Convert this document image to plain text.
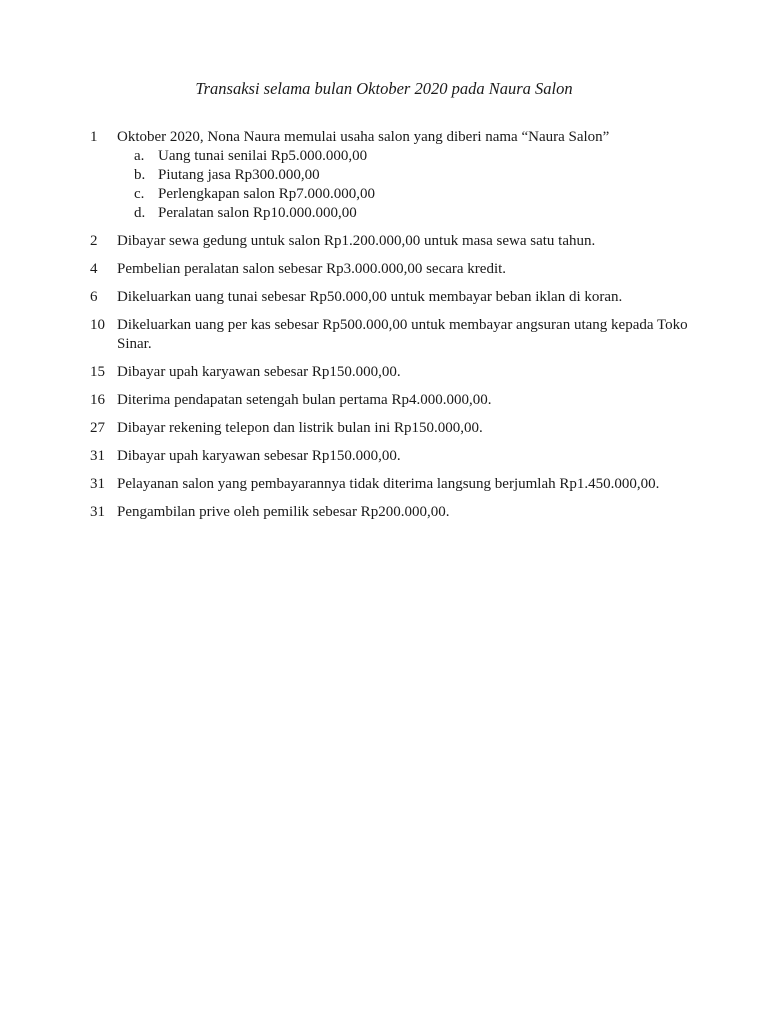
Transaksi selama bulan Oktober 2020 pada Naura Salon
1	Oktober 2020, Nona Naura memulai usaha salon yang diberi nama “Naura Salon”
a. Uang tunai senilai Rp5.000.000,00
b. Piutang jasa Rp300.000,00
c. Perlengkapan salon Rp7.000.000,00
d. Peralatan salon Rp10.000.000,00
2	Dibayar sewa gedung untuk salon Rp1.200.000,00 untuk masa sewa satu tahun.
4	Pembelian peralatan salon sebesar Rp3.000.000,00 secara kredit.
6	Dikeluarkan uang tunai sebesar Rp50.000,00 untuk membayar beban iklan di koran.
10 Dikeluarkan uang per kas sebesar Rp500.000,00 untuk membayar angsuran utang kepada Toko Sinar.
15 Dibayar upah karyawan sebesar Rp150.000,00.
16 Diterima pendapatan setengah bulan pertama Rp4.000.000,00.
27 Dibayar rekening telepon dan listrik bulan ini Rp150.000,00.
31 Dibayar upah karyawan sebesar Rp150.000,00.
31 Pelayanan salon yang pembayarannya tidak diterima langsung berjumlah Rp1.450.000,00.
31 Pengambilan prive oleh pemilik sebesar Rp200.000,00.
